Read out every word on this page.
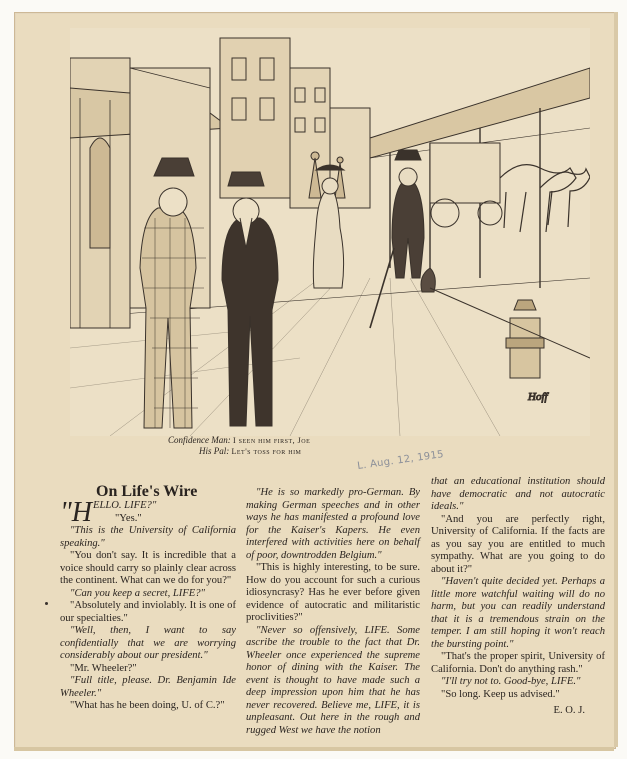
Hoff
Confidence Man: I seen him first, Joe
His Pal: Let's toss for him	L. Aug. 12, 1915
On Life's Wire

"HELLO. LIFE?"

"Yes."

"This is the University of California speaking."

"You don't say. It is incredible that a voice should carry so plainly clear across the continent. What can we do for you?"

"Can you keep a secret, LIFE?"

"Absolutely and inviolably. It is one of our specialties."

"Well, then, I want to say confidentially that we are worrying considerably about our president."

"Mr. Wheeler?"

"Full title, please. Dr. Benjamin Ide Wheeler."

"What has he been doing, U. of C.?"

"He is so markedly pro-German. By making German speeches and in other ways he has manifested a profound love for the Kaiser's Kapers. He even interfered with activities here on behalf of poor, downtrodden Belgium."

"This is highly interesting, to be sure. How do you account for such a curious idiosyncrasy? Has he ever before given evidence of autocratic and militaristic proclivities?"

"Never so offensively, LIFE. Some ascribe the trouble to the fact that Dr. Wheeler once experienced the supreme honor of dining with the Kaiser. The event is thought to have made such a deep impression upon him that he has never recovered. Believe me, LIFE, it is unpleasant. Out here in the rough and rugged West we have the notion

that an educational institution should have democratic and not autocratic ideals."

"And you are perfectly right, University of California. If the facts are as you say you are entitled to much sympathy. What are you going to do about it?"

"Haven't quite decided yet. Perhaps a little more watchful waiting will do no harm, but you can readily understand that it is a tremendous strain on the temper. I am still hoping it won't reach the bursting point."

"That's the proper spirit, University of California. Don't do anything rash."

"I'll try not to. Good-bye, LIFE."

"So long. Keep us advised."

E. O. J.
